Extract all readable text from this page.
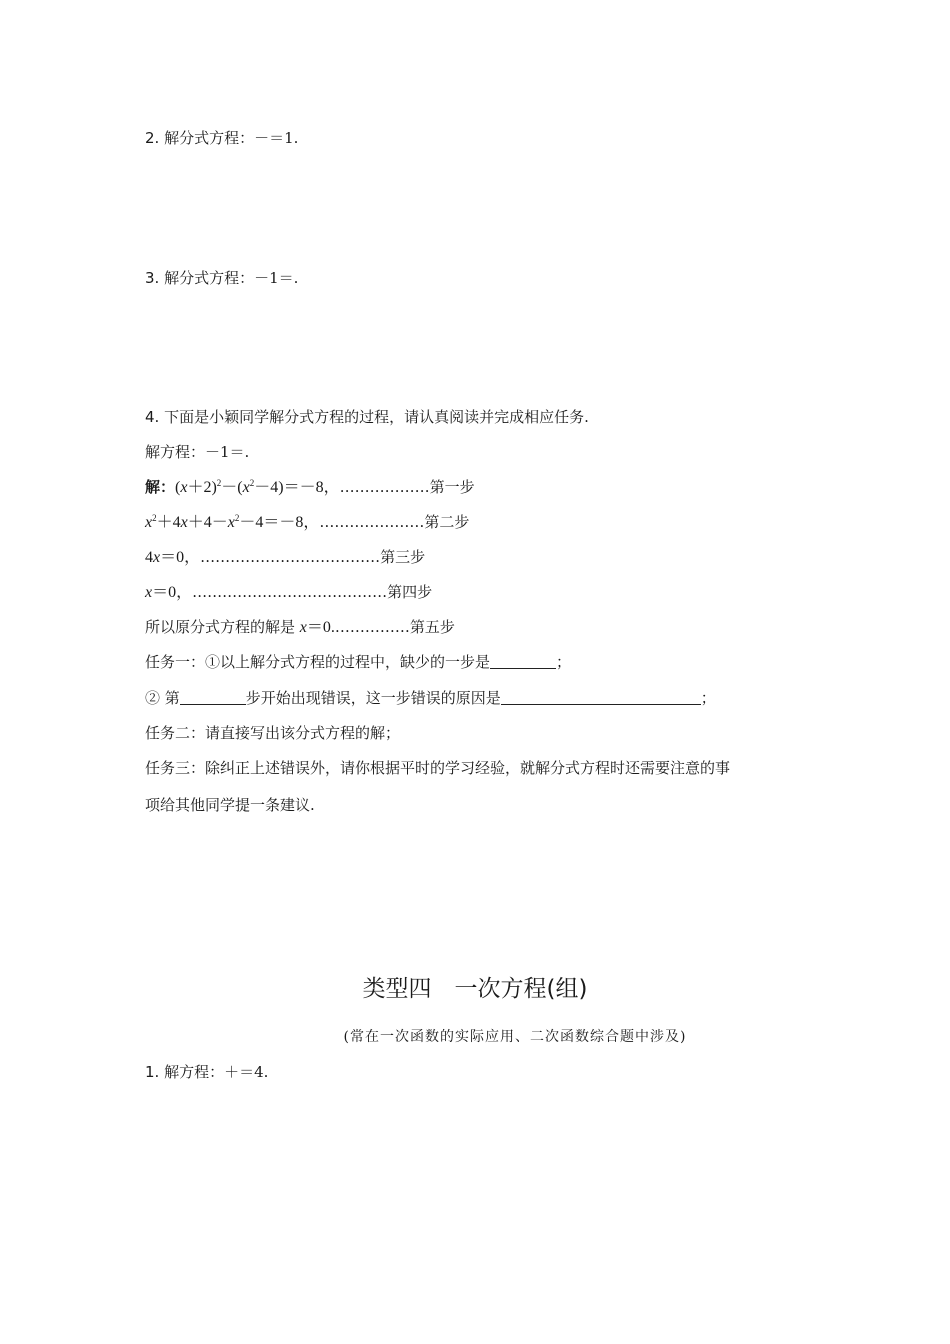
2. 解分式方程：－＝1.
3. 解分式方程：－1＝.
4. 下面是小颖同学解分式方程的过程，请认真阅读并完成相应任务.
解方程：－1＝.
解：$(x+2)^2-(x^2-4)=-8$，………………第一步
$x^2+4x+4-x^2-4=-8$，…………………第二步
4x＝0，………………………………第三步
x＝0，…………………………………第四步
所以原分式方程的解是 x＝0.……………第五步
任务一：①以上解分式方程的过程中，缺少的一步是	；
② 第	步开始出现错误，这一步错误的原因是	；
任务二：请直接写出该分式方程的解；
任务三：除纠正上述错误外，请你根据平时的学习经验，就解分式方程时还需要注意的事
项给其他同学提一条建议.
类型四　一次方程(组)
(常在一次函数的实际应用、二次函数综合题中涉及)
1. 解方程：＋＝4.
